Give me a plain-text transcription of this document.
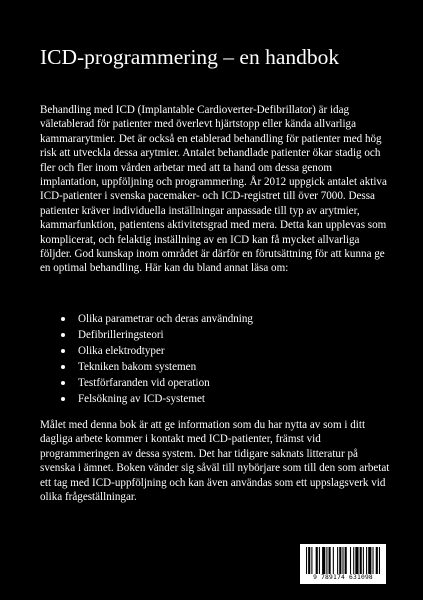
ICD-programmering – en handbok

Behandling med ICD (Implantable Cardioverter-Defibrillator) är idag väletablerad för patienter med överlevt hjärtstopp eller kända allvarliga kammararytmier. Det är också en etablerad behandling för patienter med hög risk att utveckla dessa arytmier. Antalet behandlade patienter ökar stadig och fler och fler inom vården arbetar med att ta hand om dessa genom implantation, uppföljning och programmering. År 2012 uppgick antalet aktiva ICD-patienter i svenska pacemaker- och ICD-registret till över 7000. Dessa patienter kräver individuella inställningar anpassade till typ av arytmier, kammarfunktion, patientens aktivitetsgrad med mera. Detta kan upplevas som komplicerat, och felaktig inställning av en ICD kan få mycket allvarliga följder. God kunskap inom området är därför en förutsättning för att kunna ge en optimal behandling. Här kan du bland annat läsa om:

Olika parametrar och deras användning
Defibrilleringsteori
Olika elektrodtyper
Tekniken bakom systemen
Testförfaranden vid operation
Felsökning av ICD-systemet

Målet med denna bok är att ge information som du har nytta av som i ditt dagliga arbete kommer i kontakt med ICD-patienter, främst vid programmeringen av dessa system. Det har tidigare saknats litteratur på svenska i ämnet. Boken vänder sig såväl till nybörjare som till den som arbetat ett tag med ICD-uppföljning och kan även användas som ett uppslagsverk vid olika frågeställningar.

9 789174 631098
